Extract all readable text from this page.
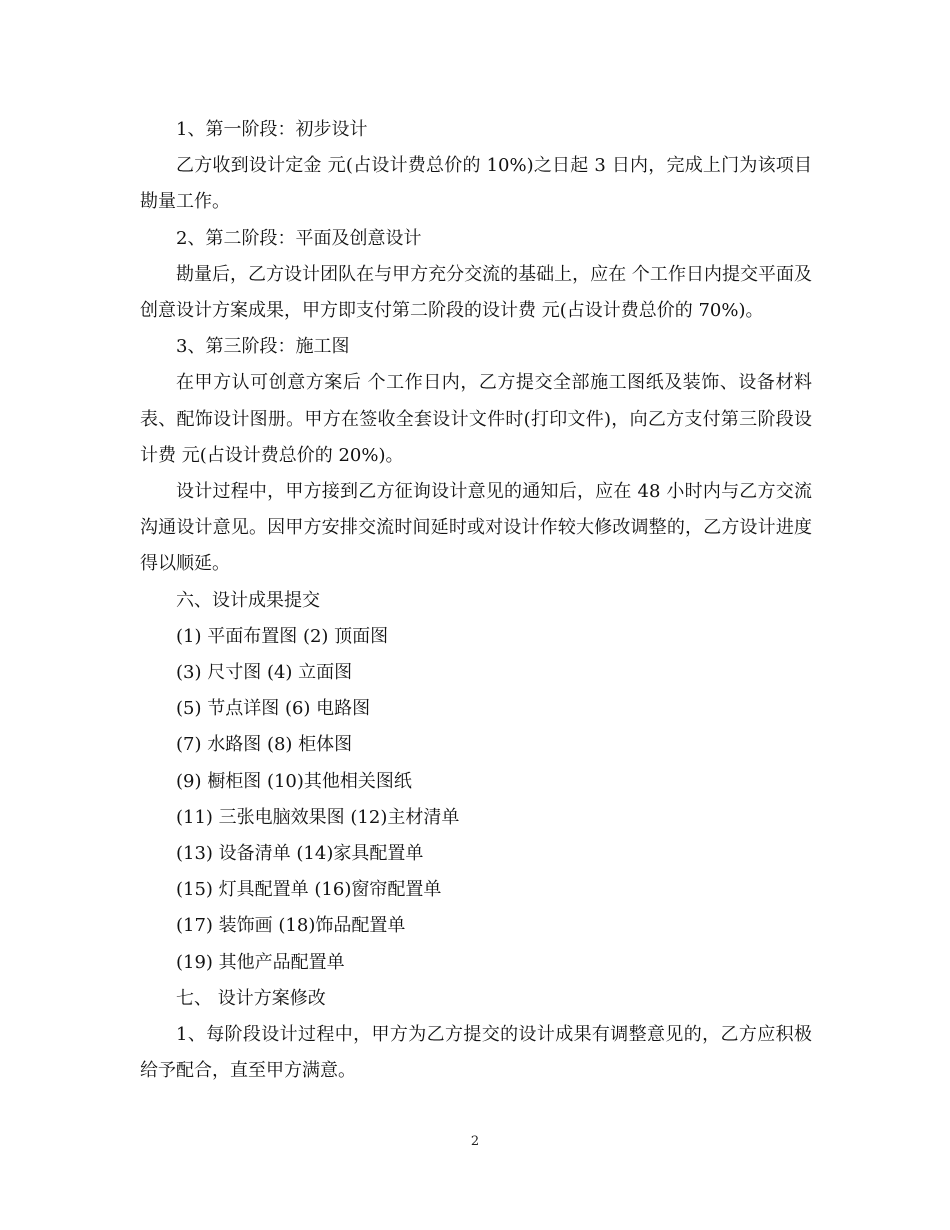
1、第一阶段：初步设计

乙方收到设计定金 元(占设计费总价的 10%)之日起 3 日内，完成上门为该项目勘量工作。

2、第二阶段：平面及创意设计

勘量后，乙方设计团队在与甲方充分交流的基础上，应在 个工作日内提交平面及创意设计方案成果，甲方即支付第二阶段的设计费 元(占设计费总价的 70%)。

3、第三阶段：施工图

在甲方认可创意方案后 个工作日内，乙方提交全部施工图纸及装饰、设备材料表、配饰设计图册。甲方在签收全套设计文件时(打印文件)，向乙方支付第三阶段设计费 元(占设计费总价的 20%)。

设计过程中，甲方接到乙方征询设计意见的通知后，应在 48 小时内与乙方交流沟通设计意见。因甲方安排交流时间延时或对设计作较大修改调整的，乙方设计进度得以顺延。

六、设计成果提交

(1) 平面布置图 (2) 顶面图

(3) 尺寸图 (4) 立面图

(5) 节点详图 (6) 电路图

(7) 水路图 (8) 柜体图

(9) 橱柜图 (10)其他相关图纸

(11) 三张电脑效果图 (12)主材清单

(13) 设备清单 (14)家具配置单

(15) 灯具配置单 (16)窗帘配置单

(17) 装饰画 (18)饰品配置单

(19) 其他产品配置单

七、 设计方案修改

1、每阶段设计过程中，甲方为乙方提交的设计成果有调整意见的，乙方应积极给予配合，直至甲方满意。

2
